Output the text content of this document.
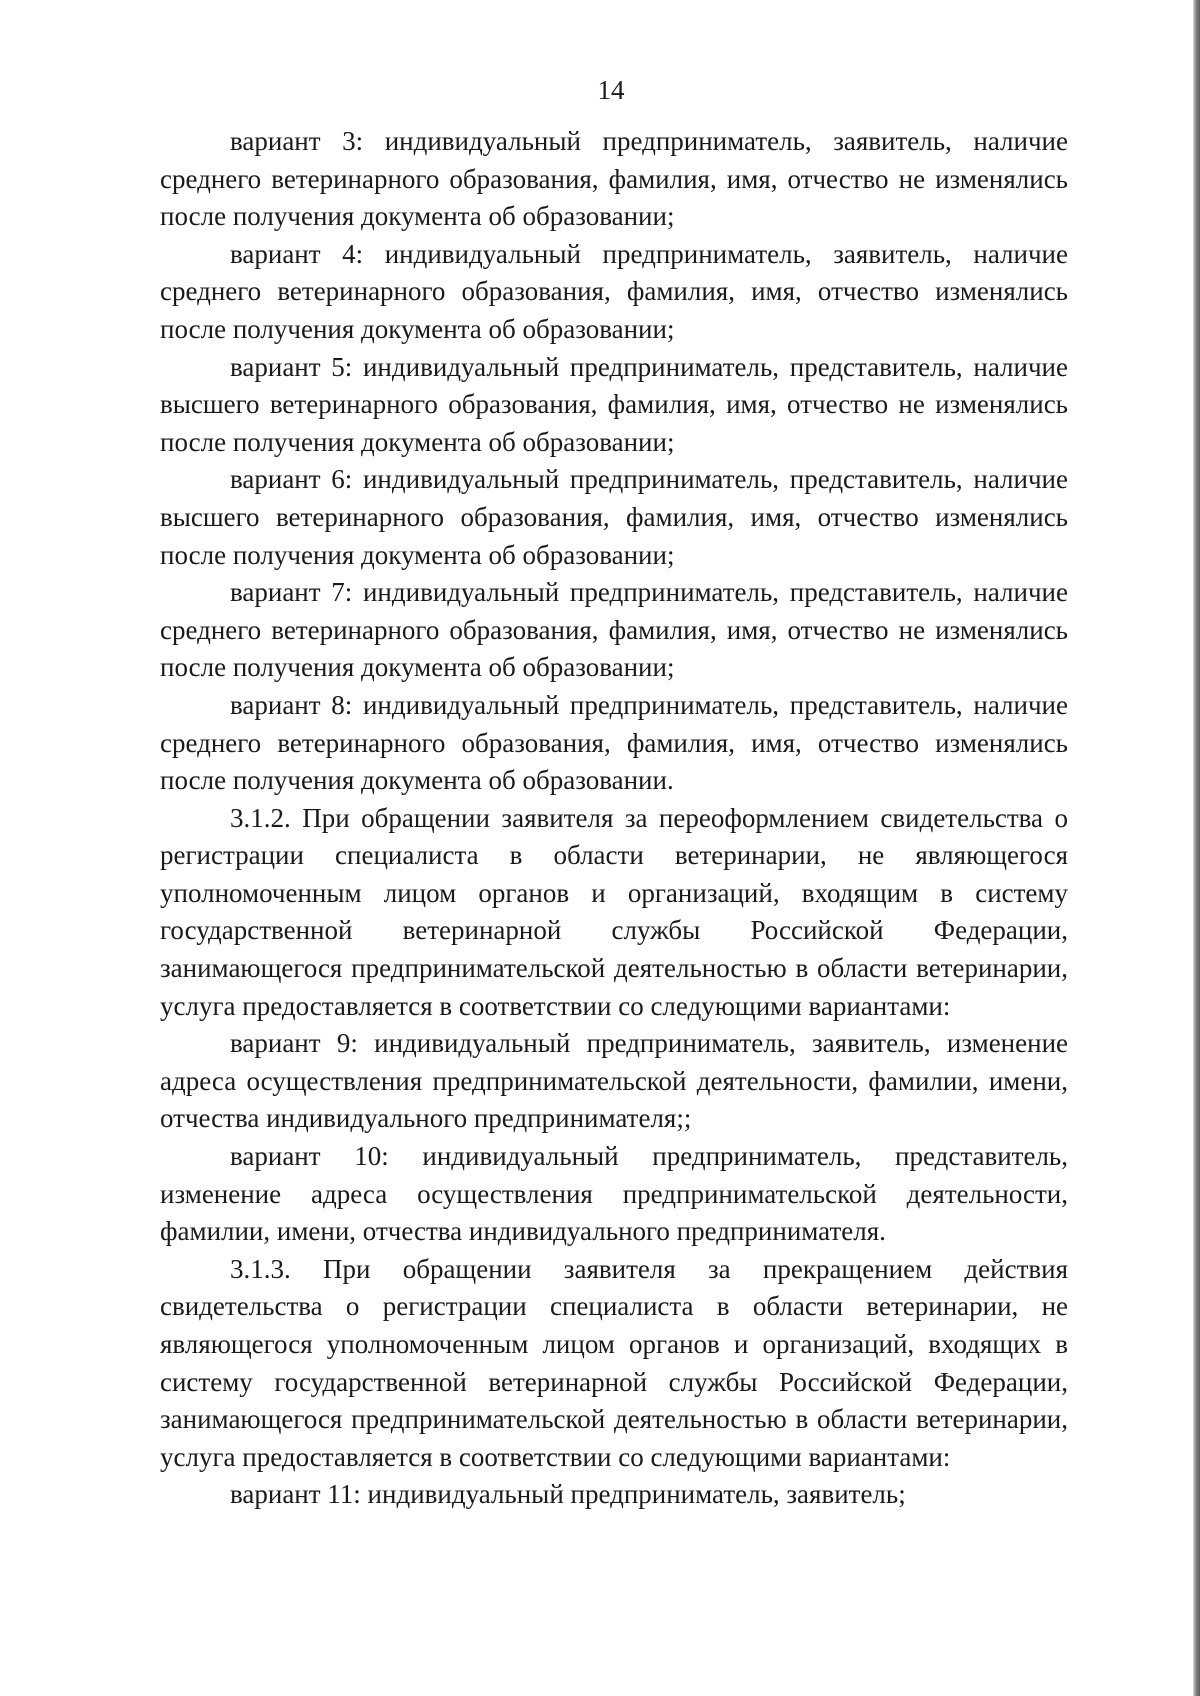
14

вариант 3: индивидуальный предприниматель, заявитель, наличие среднего ветеринарного образования, фамилия, имя, отчество не изменялись после получения документа об образовании;

вариант 4: индивидуальный предприниматель, заявитель, наличие среднего ветеринарного образования, фамилия, имя, отчество изменялись после получения документа об образовании;

вариант 5: индивидуальный предприниматель, представитель, наличие высшего ветеринарного образования, фамилия, имя, отчество не изменялись после получения документа об образовании;

вариант 6: индивидуальный предприниматель, представитель, наличие высшего ветеринарного образования, фамилия, имя, отчество изменялись после получения документа об образовании;

вариант 7: индивидуальный предприниматель, представитель, наличие среднего ветеринарного образования, фамилия, имя, отчество не изменялись после получения документа об образовании;

вариант 8: индивидуальный предприниматель, представитель, наличие среднего ветеринарного образования, фамилия, имя, отчество изменялись после получения документа об образовании.

3.1.2. При обращении заявителя за переоформлением свидетельства о регистрации специалиста в области ветеринарии, не являющегося уполномоченным лицом органов и организаций, входящим в систему государственной ветеринарной службы Российской Федерации, занимающегося предпринимательской деятельностью в области ветеринарии, услуга предоставляется в соответствии со следующими вариантами:

вариант 9: индивидуальный предприниматель, заявитель, изменение адреса осуществления предпринимательской деятельности, фамилии, имени, отчества индивидуального предпринимателя;;

вариант 10: индивидуальный предприниматель, представитель, изменение адреса осуществления предпринимательской деятельности, фамилии, имени, отчества индивидуального предпринимателя.

3.1.3. При обращении заявителя за прекращением действия свидетельства о регистрации специалиста в области ветеринарии, не являющегося уполномоченным лицом органов и организаций, входящих в систему государственной ветеринарной службы Российской Федерации, занимающегося предпринимательской деятельностью в области ветеринарии, услуга предоставляется в соответствии со следующими вариантами:

вариант 11: индивидуальный предприниматель, заявитель;
